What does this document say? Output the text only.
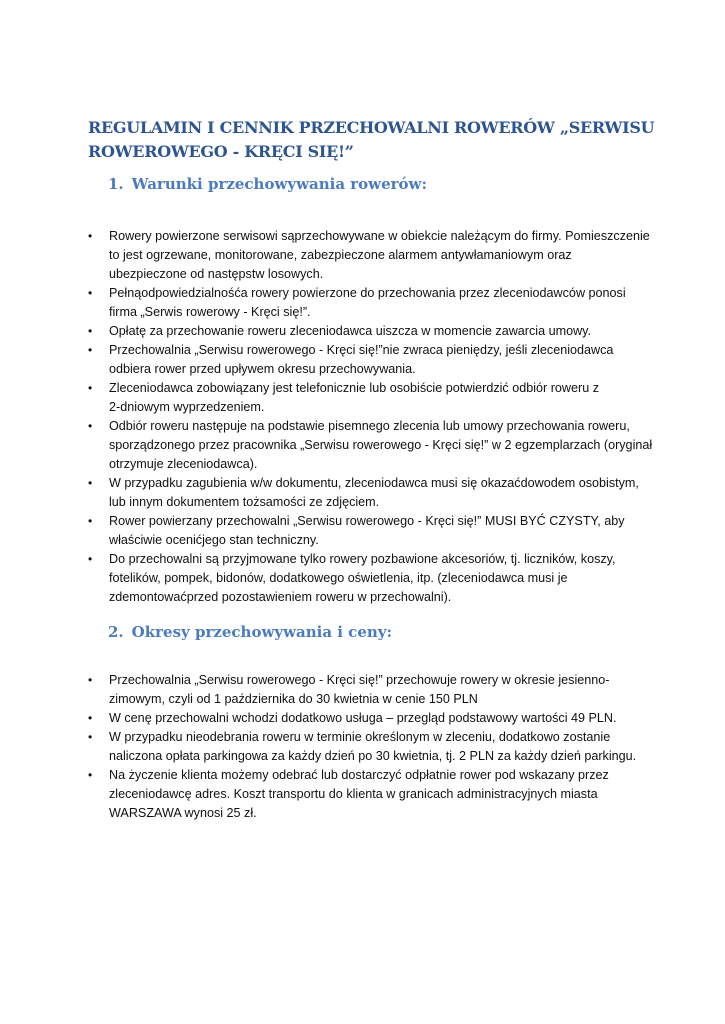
REGULAMIN I CENNIK PRZECHOWALNI ROWERÓW „SERWISU
ROWEROWEGO - KRĘCI SIĘ!”
1. Warunki przechowywania rowerów:
•	Rowery powierzone serwisowi sąprzechowywane w obiekcie należącym do firmy. Pomieszczenie
to jest ogrzewane, monitorowane, zabezpieczone alarmem antywłamaniowym oraz
ubezpieczone od następstw losowych.
•	Pełnąodpowiedzialnośća rowery powierzone do przechowania przez zleceniodawców ponosi
firma „Serwis rowerowy - Kręci się!”.
•	Opłatę za przechowanie roweru zleceniodawca uiszcza w momencie zawarcia umowy.
•	Przechowalnia „Serwisu rowerowego - Kręci się!”nie zwraca pieniędzy, jeśli zleceniodawca
odbiera rower przed upływem okresu przechowywania.
•	Zleceniodawca zobowiązany jest telefonicznie lub osobiście potwierdzić odbiór roweru z
2-dniowym wyprzedzeniem.
•	Odbiór roweru następuje na podstawie pisemnego zlecenia lub umowy przechowania roweru,
sporządzonego przez pracownika „Serwisu rowerowego - Kręci się!” w 2 egzemplarzach (oryginał
otrzymuje zleceniodawca).
•	W przypadku zagubienia w/w dokumentu, zleceniodawca musi się okazaćdowodem osobistym,
lub innym dokumentem tożsamości ze zdjęciem.
•	Rower powierzany przechowalni „Serwisu rowerowego - Kręci się!” MUSI BYĆ CZYSTY, aby
właściwie ocenićjego stan techniczny.
•	Do przechowalni są przyjmowane tylko rowery pozbawione akcesoriów, tj. liczników, koszy,
fotelików, pompek, bidonów, dodatkowego oświetlenia, itp. (zleceniodawca musi je
zdemontowaćprzed pozostawieniem roweru w przechowalni).
2. Okresy przechowywania i ceny:
•	Przechowalnia „Serwisu rowerowego - Kręci się!” przechowuje rowery w okresie jesienno-
zimowym, czyli od 1 października do 30 kwietnia w cenie 150 PLN
•	W cenę przechowalni wchodzi dodatkowo usługa – przegląd podstawowy wartości 49 PLN.
•	W przypadku nieodebrania roweru w terminie określonym w zleceniu, dodatkowo zostanie
naliczona opłata parkingowa za każdy dzień po 30 kwietnia, tj. 2 PLN za każdy dzień parkingu.
•	Na życzenie klienta możemy odebrać lub dostarczyć odpłatnie rower pod wskazany przez
zleceniodawcę adres. Koszt transportu do klienta w granicach administracyjnych miasta
WARSZAWA wynosi 25 zł.
